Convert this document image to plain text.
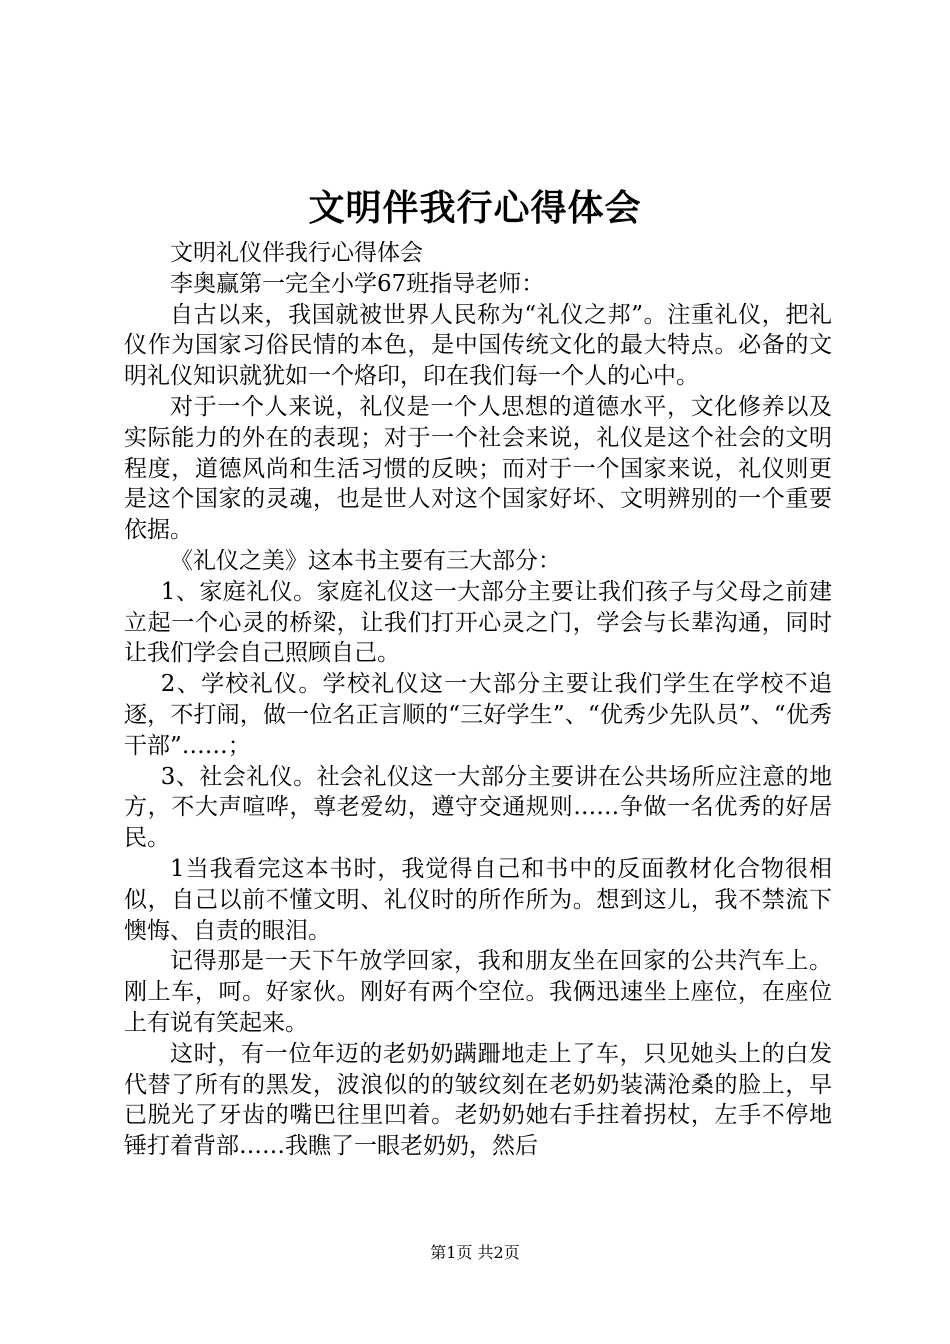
文明伴我行心得体会

文明礼仪伴我行心得体会

李奥赢第一完全小学67班指导老师：

自古以来，我国就被世界人民称为“礼仪之邦”。注重礼仪，把礼仪作为国家习俗民情的本色，是中国传统文化的最大特点。必备的文明礼仪知识就犹如一个烙印，印在我们每一个人的心中。

对于一个人来说，礼仪是一个人思想的道德水平，文化修养以及实际能力的外在的表现；对于一个社会来说，礼仪是这个社会的文明程度，道德风尚和生活习惯的反映；而对于一个国家来说，礼仪则更是这个国家的灵魂，也是世人对这个国家好坏、文明辨别的一个重要依据。

《礼仪之美》这本书主要有三大部分：

1、家庭礼仪。家庭礼仪这一大部分主要让我们孩子与父母之前建立起一个心灵的桥梁，让我们打开心灵之门，学会与长辈沟通，同时让我们学会自己照顾自己。

2、学校礼仪。学校礼仪这一大部分主要让我们学生在学校不追逐，不打闹，做一位名正言顺的“三好学生”、“优秀少先队员”、“优秀干部”……；

3、社会礼仪。社会礼仪这一大部分主要讲在公共场所应注意的地方，不大声喧哗，尊老爱幼，遵守交通规则……争做一名优秀的好居民。

1当我看完这本书时，我觉得自己和书中的反面教材化合物很相似，自己以前不懂文明、礼仪时的所作所为。想到这儿，我不禁流下懊悔、自责的眼泪。

记得那是一天下午放学回家，我和朋友坐在回家的公共汽车上。刚上车，呵。好家伙。刚好有两个空位。我俩迅速坐上座位，在座位上有说有笑起来。

这时，有一位年迈的老奶奶蹒跚地走上了车，只见她头上的白发代替了所有的黑发，波浪似的的皱纹刻在老奶奶装满沧桑的脸上，早已脱光了牙齿的嘴巴往里凹着。老奶奶她右手拄着拐杖，左手不停地锤打着背部……我瞧了一眼老奶奶，然后

第1页 共2页
